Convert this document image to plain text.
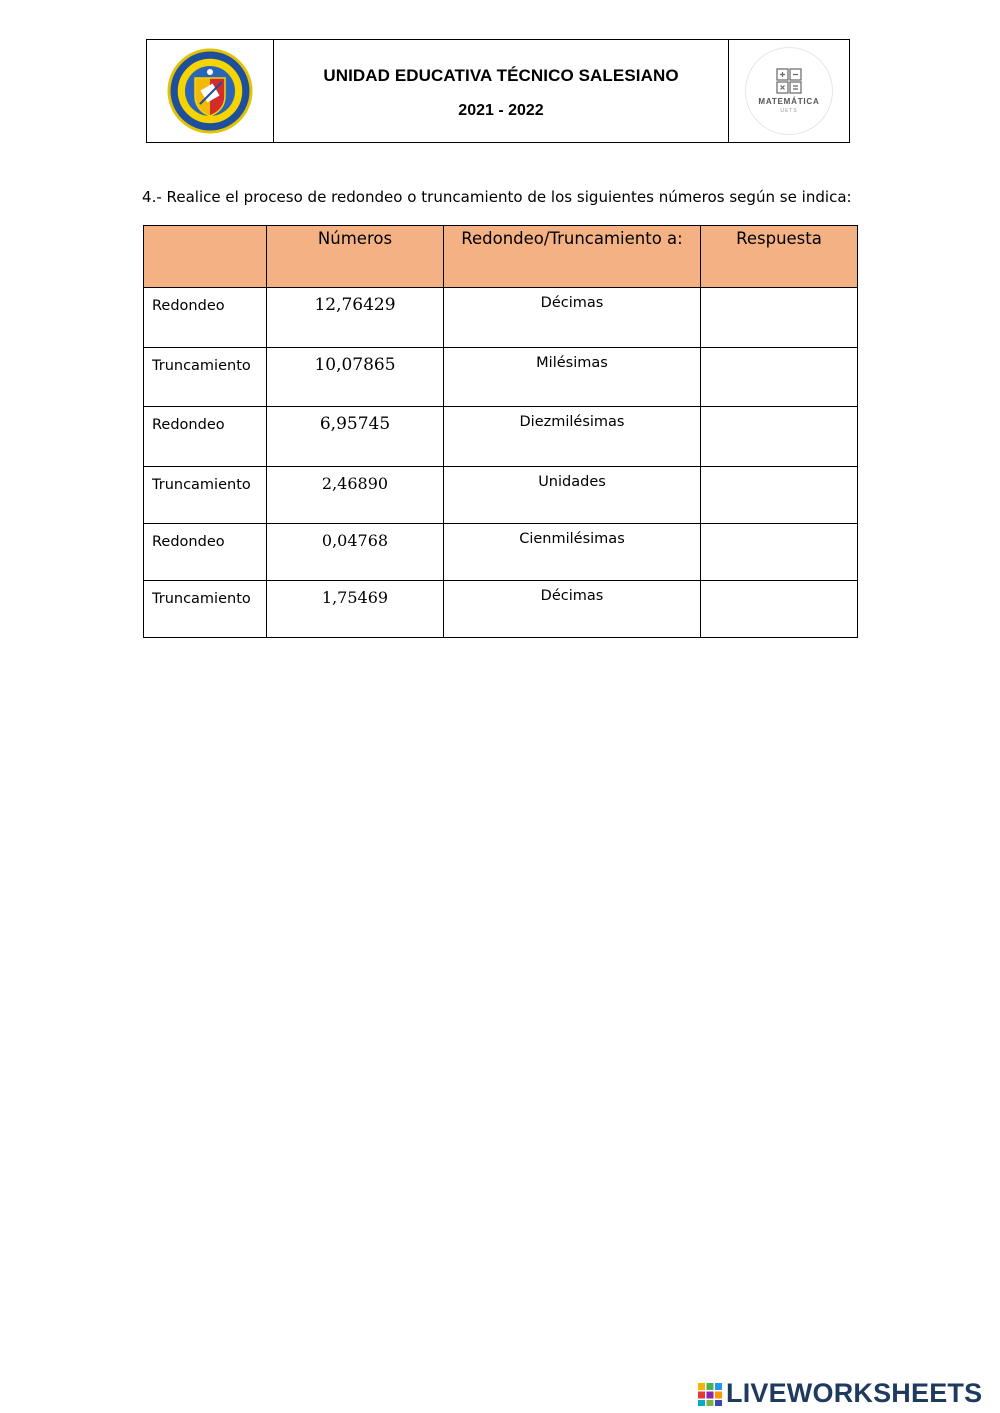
UNIDAD EDUCATIVA TÉCNICO SALESIANO
2021 - 2022
MATEMÁTICA
UETS
4.- Realice el proceso de redondeo o truncamiento de los siguientes números según se indica:
	Números	Redondeo/Truncamiento a:	Respuesta
Redondeo	12,76429	Décimas	
Truncamiento	10,07865	Milésimas	
Redondeo	6,95745	Diezmilésimas	
Truncamiento	2,46890	Unidades	
Redondeo	0,04768	Cienmilésimas	
Truncamiento	1,75469	Décimas	
LIVEWORKSHEETS
